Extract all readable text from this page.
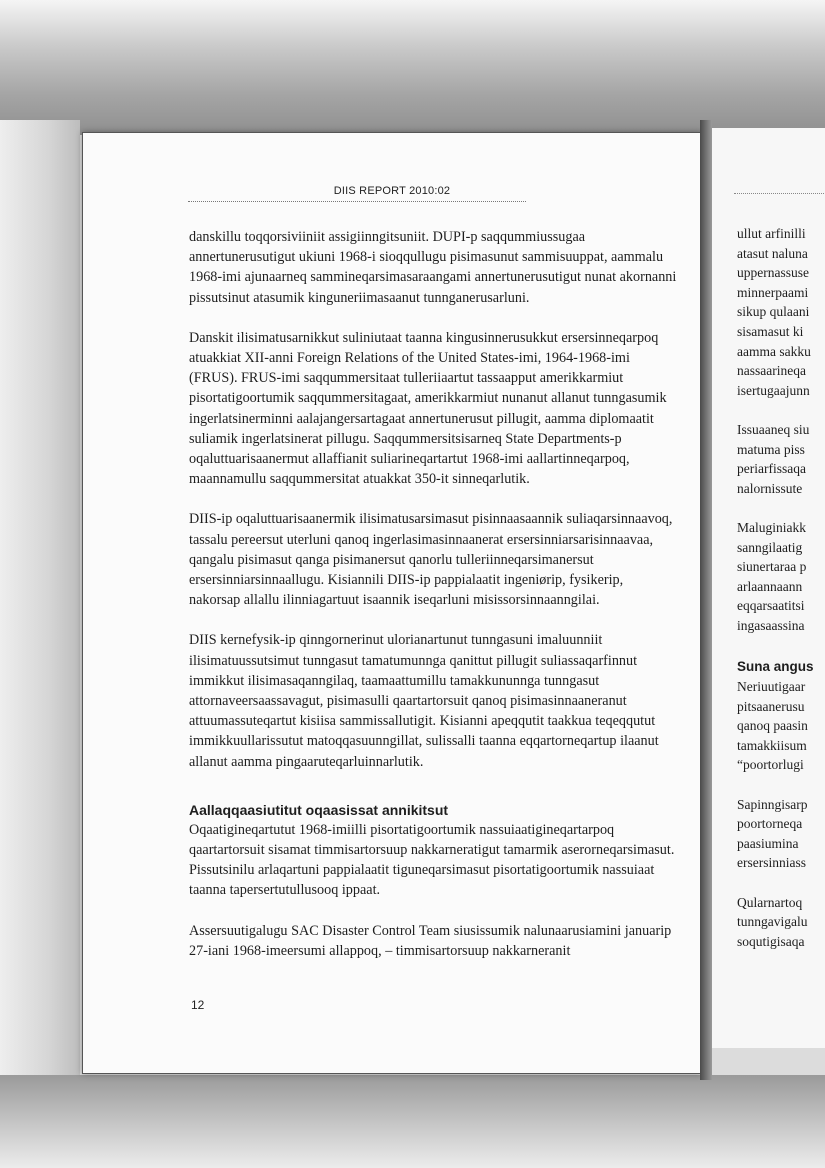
DIIS REPORT 2010:02

danskillu toqqorsiviiniit assigiinngitsuniit. DUPI-p saqqummiussugaa annertunerusutigut ukiuni 1968-i sioqqullugu pisimasunut sammisuuppat, aammalu 1968-imi ajunaarneq sammineqarsimasaraangami annertunerusutigut nunat akornanni pissutsinut atasumik kinguneriimasaanut tunnganerusarluni.

Danskit ilisimatusarnikkut suliniutaat taanna kingusinnerusukkut ersersinneqarpoq atuakkiat XII-anni Foreign Relations of the United States-imi, 1964-1968-imi (FRUS). FRUS-imi saqqummersitaat tulleriiaartut tassaapput amerikkarmiut pisortatigoortumik saqqummersitagaat, amerikkarmiut nunanut allanut tunngasumik ingerlatsinerminni aalajangersartagaat annertunerusut pillugit, aamma diplomaatit suliamik ingerlatsinerat pillugu. Saqqummersitsisarneq State Departments-p oqaluttuarisaanermut allaffianit suliarineqartartut 1968-imi aallartinneqarpoq, maannamullu saqqummersitat atuakkat 350-it sinneqarlutik.

DIIS-ip oqaluttuarisaanermik ilisimatusarsimasut pisinnaasaannik suliaqarsinnaavoq, tassalu pereersut uterluni qanoq ingerlasimasinnaanerat ersersinniarsarisinnaavaa, qangalu pisimasut qanga pisimanersut qanorlu tulleriinneqarsimanersut ersersinniarsinnaallugu. Kisiannili DIIS-ip pappialaatit ingeniørip, fysikerip, nakorsap allallu ilinniagartuut isaannik iseqarluni misissorsinnaanngilai.

DIIS kernefysik-ip qinngornerinut ulorianartunut tunngasuni imaluunniit ilisimatuussutsimut tunngasut tamatumunnga qanittut pillugit suliassaqarfinnut immikkut ilisimasaqanngilaq, taamaattumillu tamakkununnga tunngasut attornaveersaassavagut, pisimasulli qaartartorsuit qanoq pisimasinnaaneranut attuumassuteqartut kisiisa sammissallutigit. Kisianni apeqqutit taakkua teqeqqutut immikkuullarissutut matoqqasuunngillat, sulissalli taanna eqqartorneqartup ilaanut allanut aamma pingaaruteqarluinnarlutik.

Aallaqqaasiutitut oqaasissat annikitsut

Oqaatigineqartutut 1968-imiilli pisortatigoortumik nassuiaatigineqartarpoq qaartartorsuit sisamat timmisartorsuup nakkarneratigut tamarmik aserorneqarsimasut. Pissutsinilu arlaqartuni pappialaatit tiguneqarsimasut pisortatigoortumik nassuiaat taanna tapersertutullusooq ippaat.

Assersuutigalugu SAC Disaster Control Team siusissumik nalunaarusiamini januarip 27-iani 1968-imeersumi allappoq, – timmisartorsuup nakkarneranit

12
ullut arfinilli
atasut naluna
uppernassuse
minnerpaami
sikup qulaani
sisamasut ki
aamma sakku
nassaarineqa
isertugaajunn
Issuaaneq siu
matuma piss
periarfissaqa
nalornissute
Maluginiakk
sanngilaatig
siunertaraa p
arlaannaann
eqqarsaatitsi
ingasaassina
Suna angus
Neriuutigaar
pitsaanerusu
qanoq paasin
tamakkiisum
“poortorlugi
Sapinngisarp
poortorneqa
paasiumina
ersersinniass
Qularnartoq
tunngavigalu
soqutigisaqa
